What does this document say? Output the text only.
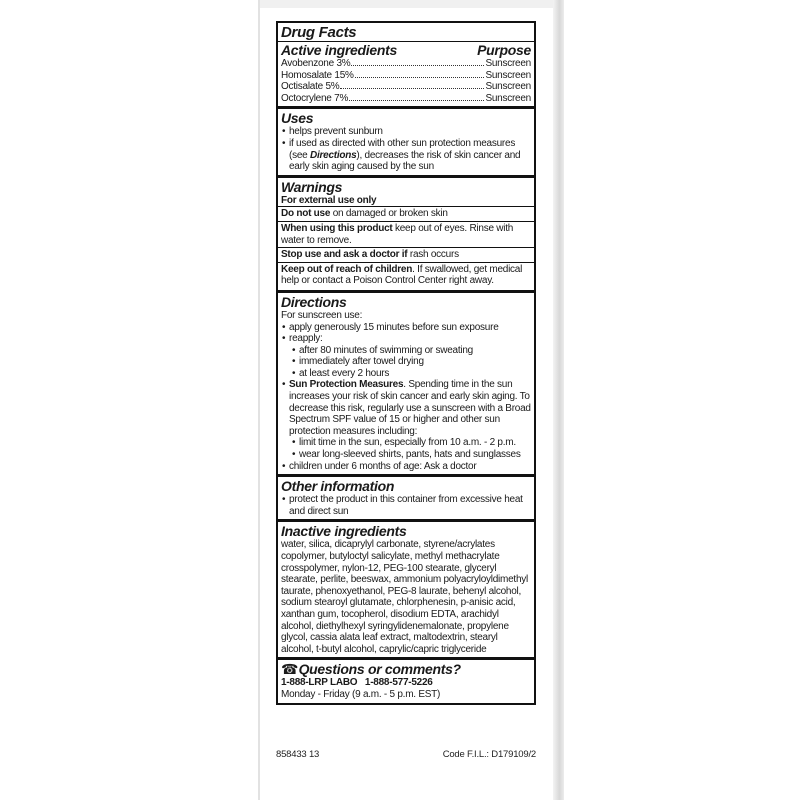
Drug Facts
Active ingredients	Purpose
Avobenzone 3%	Sunscreen
Homosalate 15%	Sunscreen
Octisalate 5%	Sunscreen
Octocrylene 7%	Sunscreen
Uses
• helps prevent sunburn
• if used as directed with other sun protection measures (see Directions), decreases the risk of skin cancer and early skin aging caused by the sun
Warnings
For external use only
Do not use on damaged or broken skin
When using this product keep out of eyes. Rinse with water to remove.
Stop use and ask a doctor if rash occurs
Keep out of reach of children. If swallowed, get medical help or contact a Poison Control Center right away.
Directions
For sunscreen use:
• apply generously 15 minutes before sun exposure
• reapply:
• after 80 minutes of swimming or sweating
• immediately after towel drying
• at least every 2 hours
• Sun Protection Measures. Spending time in the sun increases your risk of skin cancer and early skin aging. To decrease this risk, regularly use a sunscreen with a Broad Spectrum SPF value of 15 or higher and other sun protection measures including:
• limit time in the sun, especially from 10 a.m. - 2 p.m.
• wear long-sleeved shirts, pants, hats and sunglasses
• children under 6 months of age: Ask a doctor
Other information
• protect the product in this container from excessive heat and direct sun
Inactive ingredients
water, silica, dicaprylyl carbonate, styrene/acrylates copolymer, butyloctyl salicylate, methyl methacrylate crosspolymer, nylon-12, PEG-100 stearate, glyceryl stearate, perlite, beeswax, ammonium polyacryloyldimethyl taurate, phenoxyethanol, PEG-8 laurate, behenyl alcohol, sodium stearoyl glutamate, chlorphenesin, p-anisic acid, xanthan gum, tocopherol, disodium EDTA, arachidyl alcohol, diethylhexyl syringylidenemalonate, propylene glycol, cassia alata leaf extract, maltodextrin, stearyl alcohol, t-butyl alcohol, caprylic/capric triglyceride
☎ Questions or comments?
1-888-LRP LABO   1-888-577-5226
Monday - Friday (9 a.m. - 5 p.m. EST)
858433 13	Code F.I.L.: D179109/2
